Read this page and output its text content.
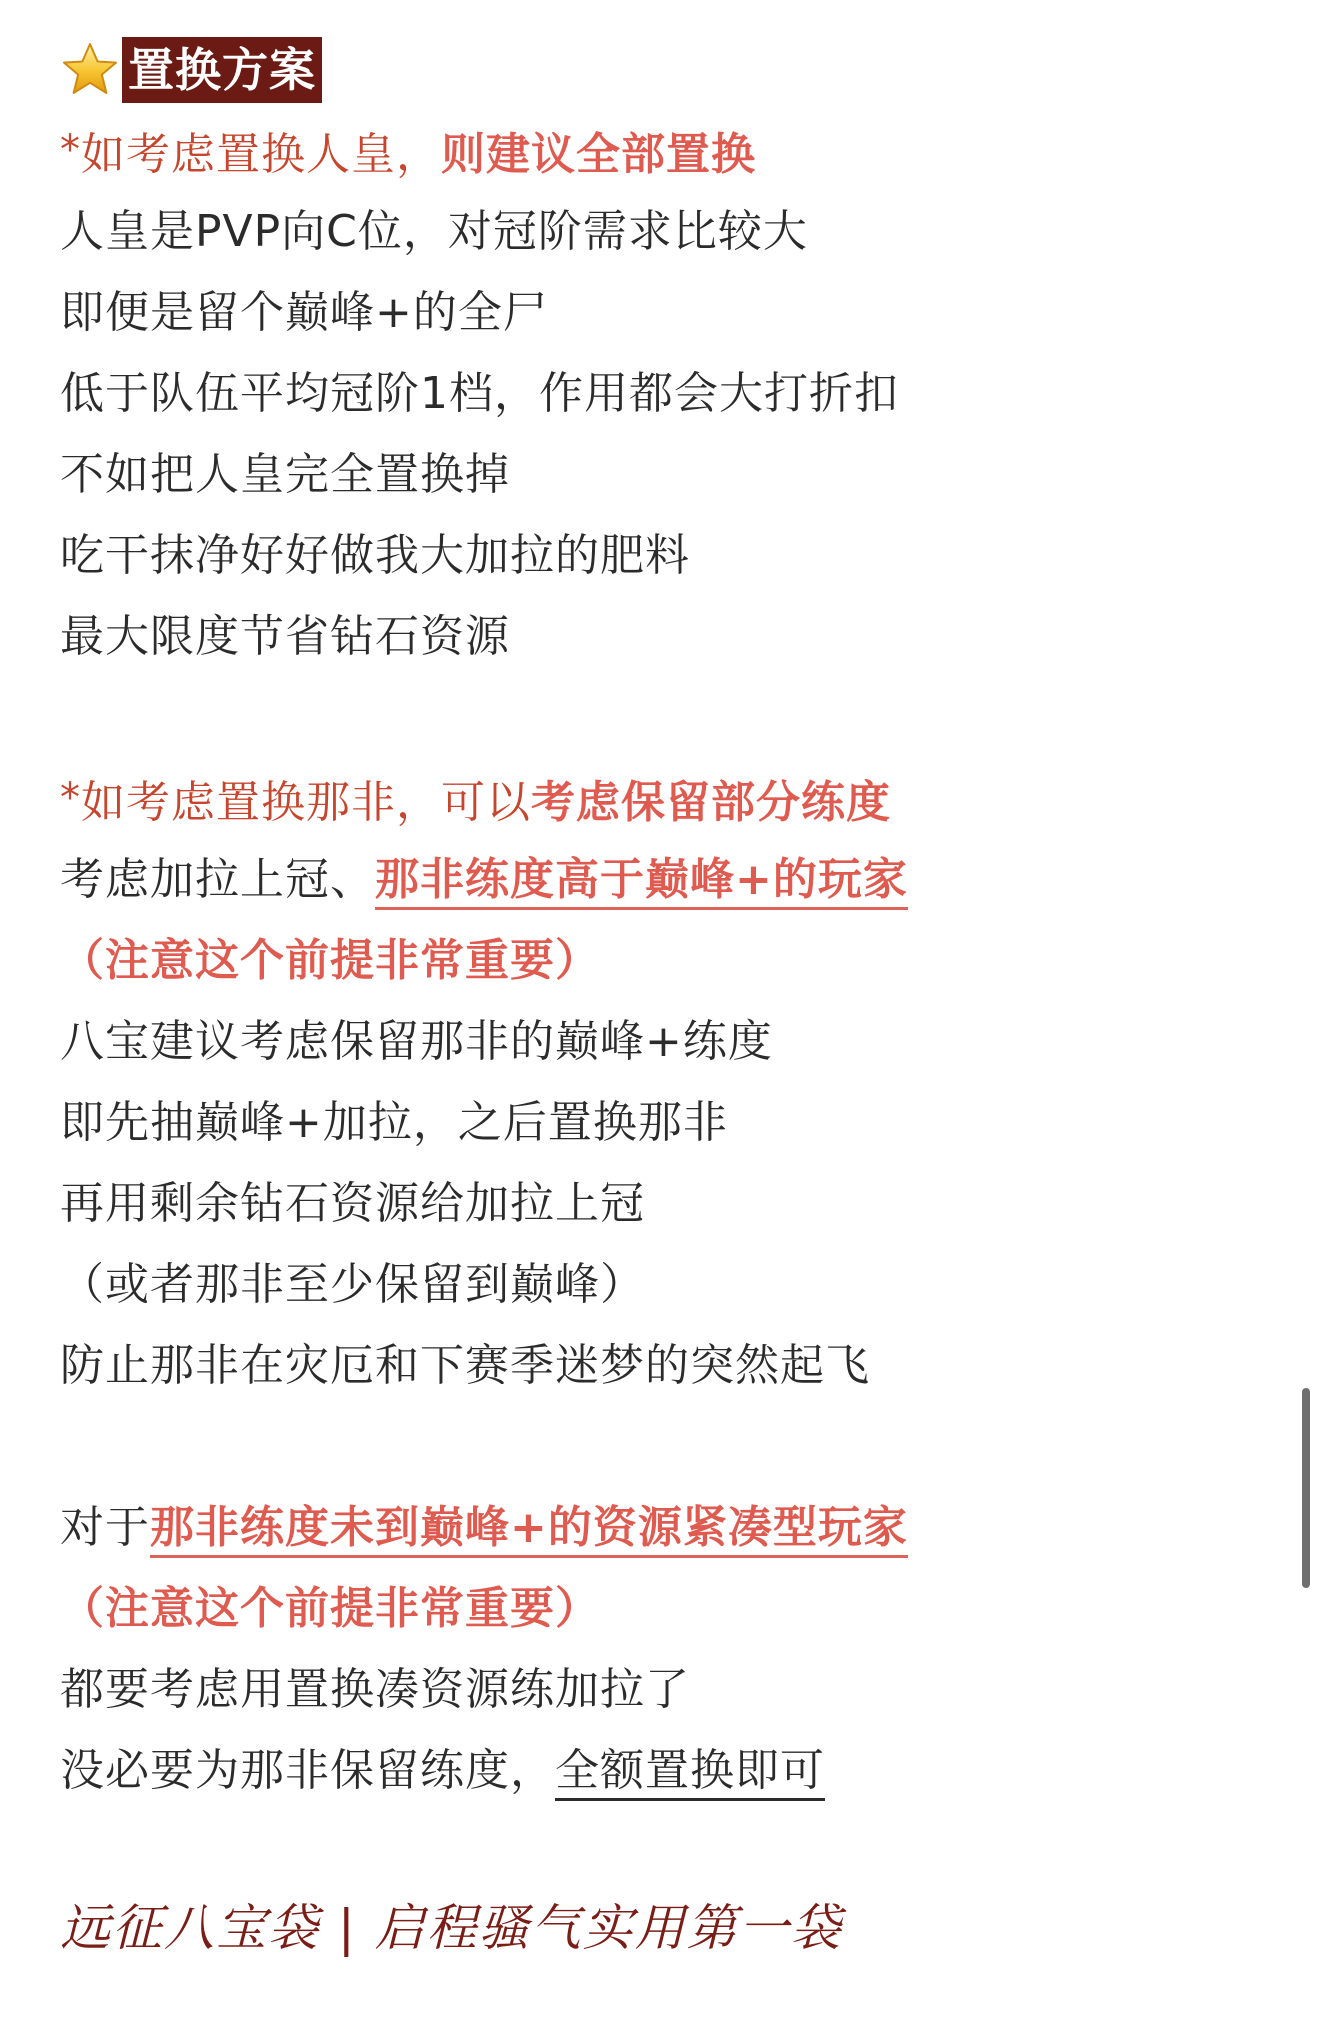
置换方案
*如考虑置换人皇，则建议全部置换
人皇是PVP向C位，对冠阶需求比较大
即便是留个巅峰+的全尸
低于队伍平均冠阶1档，作用都会大打折扣
不如把人皇完全置换掉
吃干抹净好好做我大加拉的肥料
最大限度节省钻石资源
*如考虑置换那非，可以考虑保留部分练度
考虑加拉上冠、那非练度高于巅峰+的玩家
（注意这个前提非常重要）
八宝建议考虑保留那非的巅峰+练度
即先抽巅峰+加拉，之后置换那非
再用剩余钻石资源给加拉上冠
（或者那非至少保留到巅峰）
防止那非在灾厄和下赛季迷梦的突然起飞
对于那非练度未到巅峰+的资源紧凑型玩家
（注意这个前提非常重要）
都要考虑用置换凑资源练加拉了
没必要为那非保留练度，全额置换即可
远征八宝袋 | 启程骚气实用第一袋
